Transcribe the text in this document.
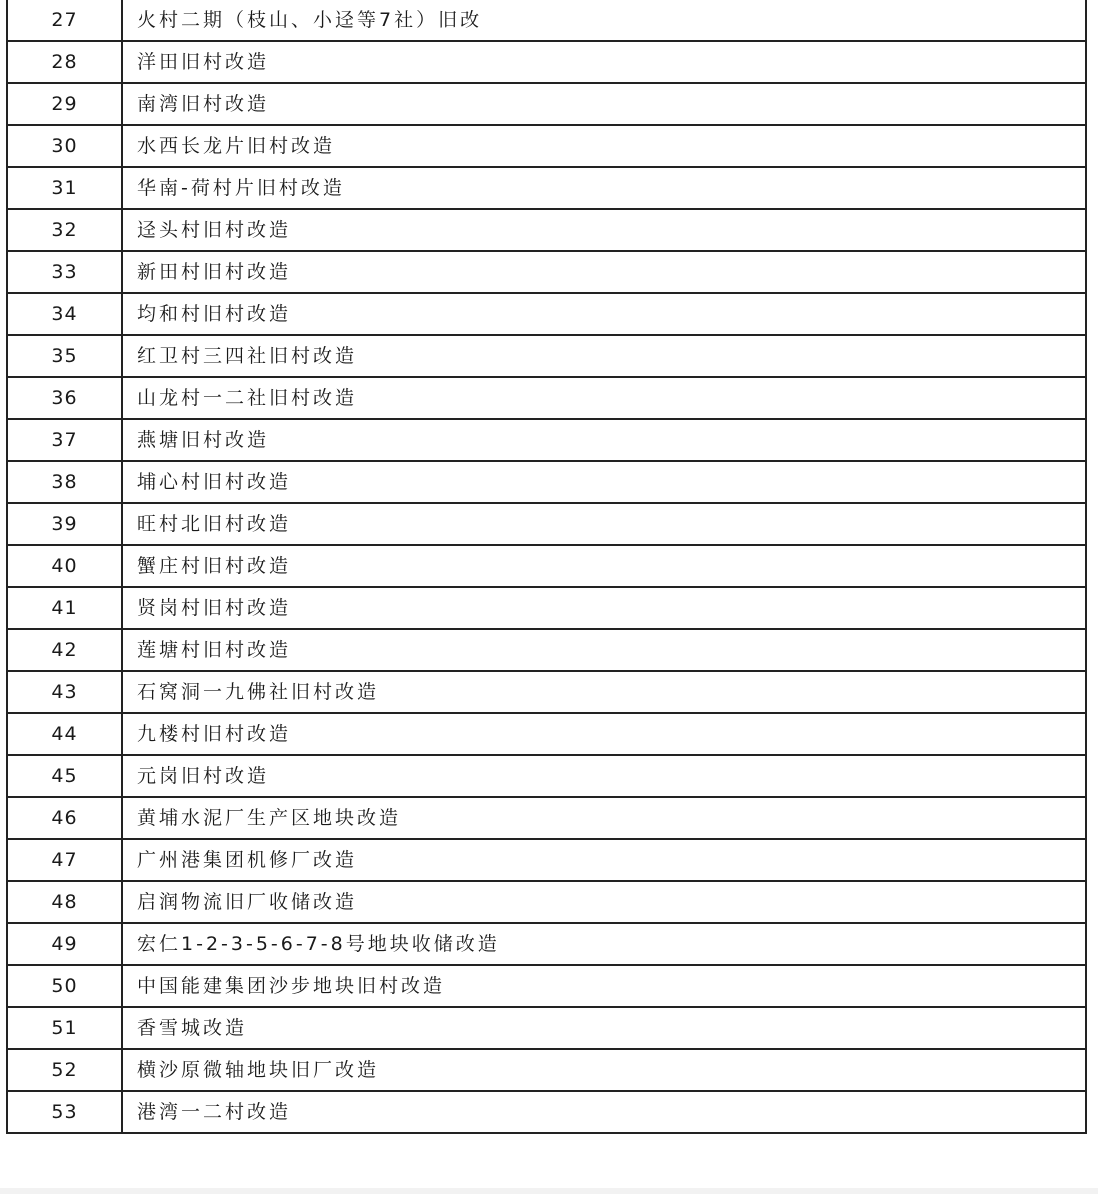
27	火村二期（枝山、小迳等7社）旧改
28	洋田旧村改造
29	南湾旧村改造
30	水西长龙片旧村改造
31	华南-荷村片旧村改造
32	迳头村旧村改造
33	新田村旧村改造
34	均和村旧村改造
35	红卫村三四社旧村改造
36	山龙村一二社旧村改造
37	燕塘旧村改造
38	埔心村旧村改造
39	旺村北旧村改造
40	蟹庄村旧村改造
41	贤岗村旧村改造
42	莲塘村旧村改造
43	石窝洞一九佛社旧村改造
44	九楼村旧村改造
45	元岗旧村改造
46	黄埔水泥厂生产区地块改造
47	广州港集团机修厂改造
48	启润物流旧厂收储改造
49	宏仁1-2-3-5-6-7-8号地块收储改造
50	中国能建集团沙步地块旧村改造
51	香雪城改造
52	横沙原微轴地块旧厂改造
53	港湾一二村改造
